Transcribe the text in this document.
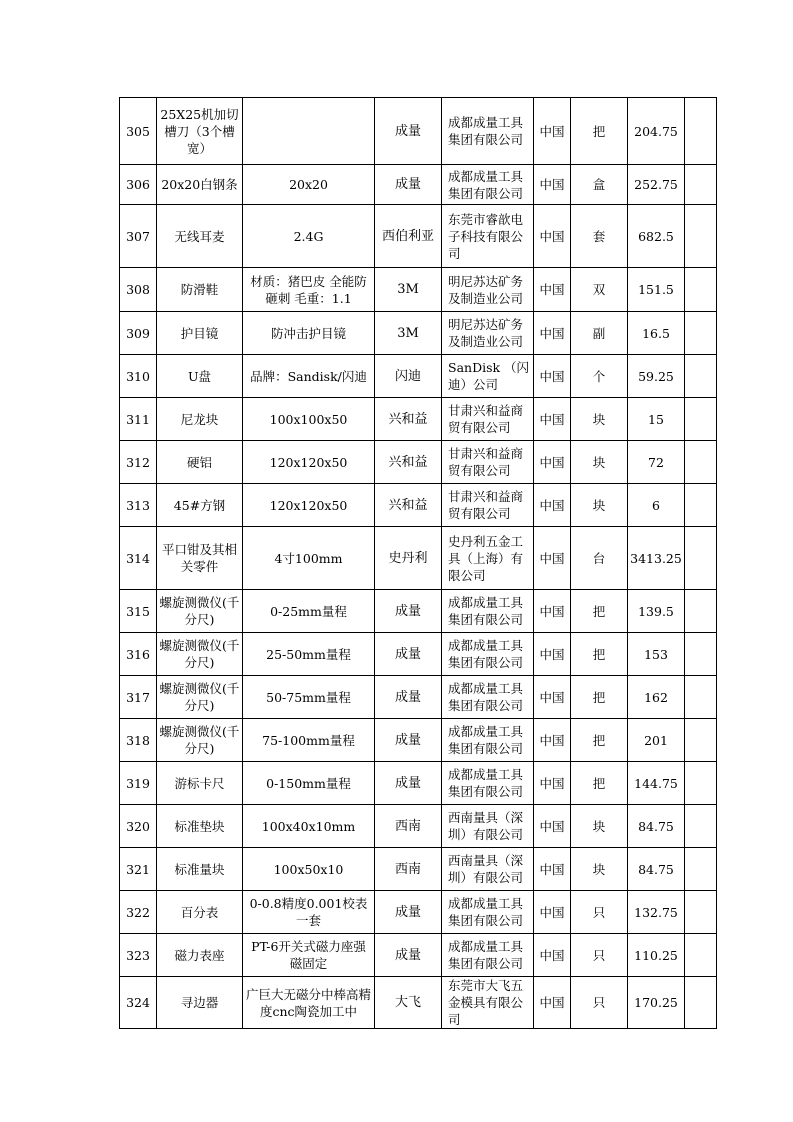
305	25X25机加切槽刀（3个槽宽）		成量	成都成量工具集团有限公司	中国	把	204.75	
306	20x20白钢条	20x20	成量	成都成量工具集团有限公司	中国	盒	252.75	
307	无线耳麦	2.4G	西伯利亚	东莞市睿歆电子科技有限公司	中国	套	682.5	
308	防滑鞋	材质：猪巴皮 全能防砸刺 毛重：1.1	3M	明尼苏达矿务及制造业公司	中国	双	151.5	
309	护目镜	防冲击护目镜	3M	明尼苏达矿务及制造业公司	中国	副	16.5	
310	U盘	品牌：Sandisk/闪迪	闪迪	SanDisk （闪迪）公司	中国	个	59.25	
311	尼龙块	100x100x50	兴和益	甘肃兴和益商贸有限公司	中国	块	15	
312	硬铝	120x120x50	兴和益	甘肃兴和益商贸有限公司	中国	块	72	
313	45#方钢	120x120x50	兴和益	甘肃兴和益商贸有限公司	中国	块	6	
314	平口钳及其相关零件	4寸100mm	史丹利	史丹利五金工具（上海）有限公司	中国	台	3413.25	
315	螺旋测微仪(千分尺)	0-25mm量程	成量	成都成量工具集团有限公司	中国	把	139.5	
316	螺旋测微仪(千分尺)	25-50mm量程	成量	成都成量工具集团有限公司	中国	把	153	
317	螺旋测微仪(千分尺)	50-75mm量程	成量	成都成量工具集团有限公司	中国	把	162	
318	螺旋测微仪(千分尺)	75-100mm量程	成量	成都成量工具集团有限公司	中国	把	201	
319	游标卡尺	0-150mm量程	成量	成都成量工具集团有限公司	中国	把	144.75	
320	标准垫块	100x40x10mm	西南	西南量具（深圳）有限公司	中国	块	84.75	
321	标准量块	100x50x10	西南	西南量具（深圳）有限公司	中国	块	84.75	
322	百分表	0-0.8精度0.001校表一套	成量	成都成量工具集团有限公司	中国	只	132.75	
323	磁力表座	PT-6开关式磁力座强磁固定	成量	成都成量工具集团有限公司	中国	只	110.25	
324	寻边器	广巨大无磁分中棒高精度cnc陶瓷加工中	大飞	东莞市大飞五金模具有限公司	中国	只	170.25	
